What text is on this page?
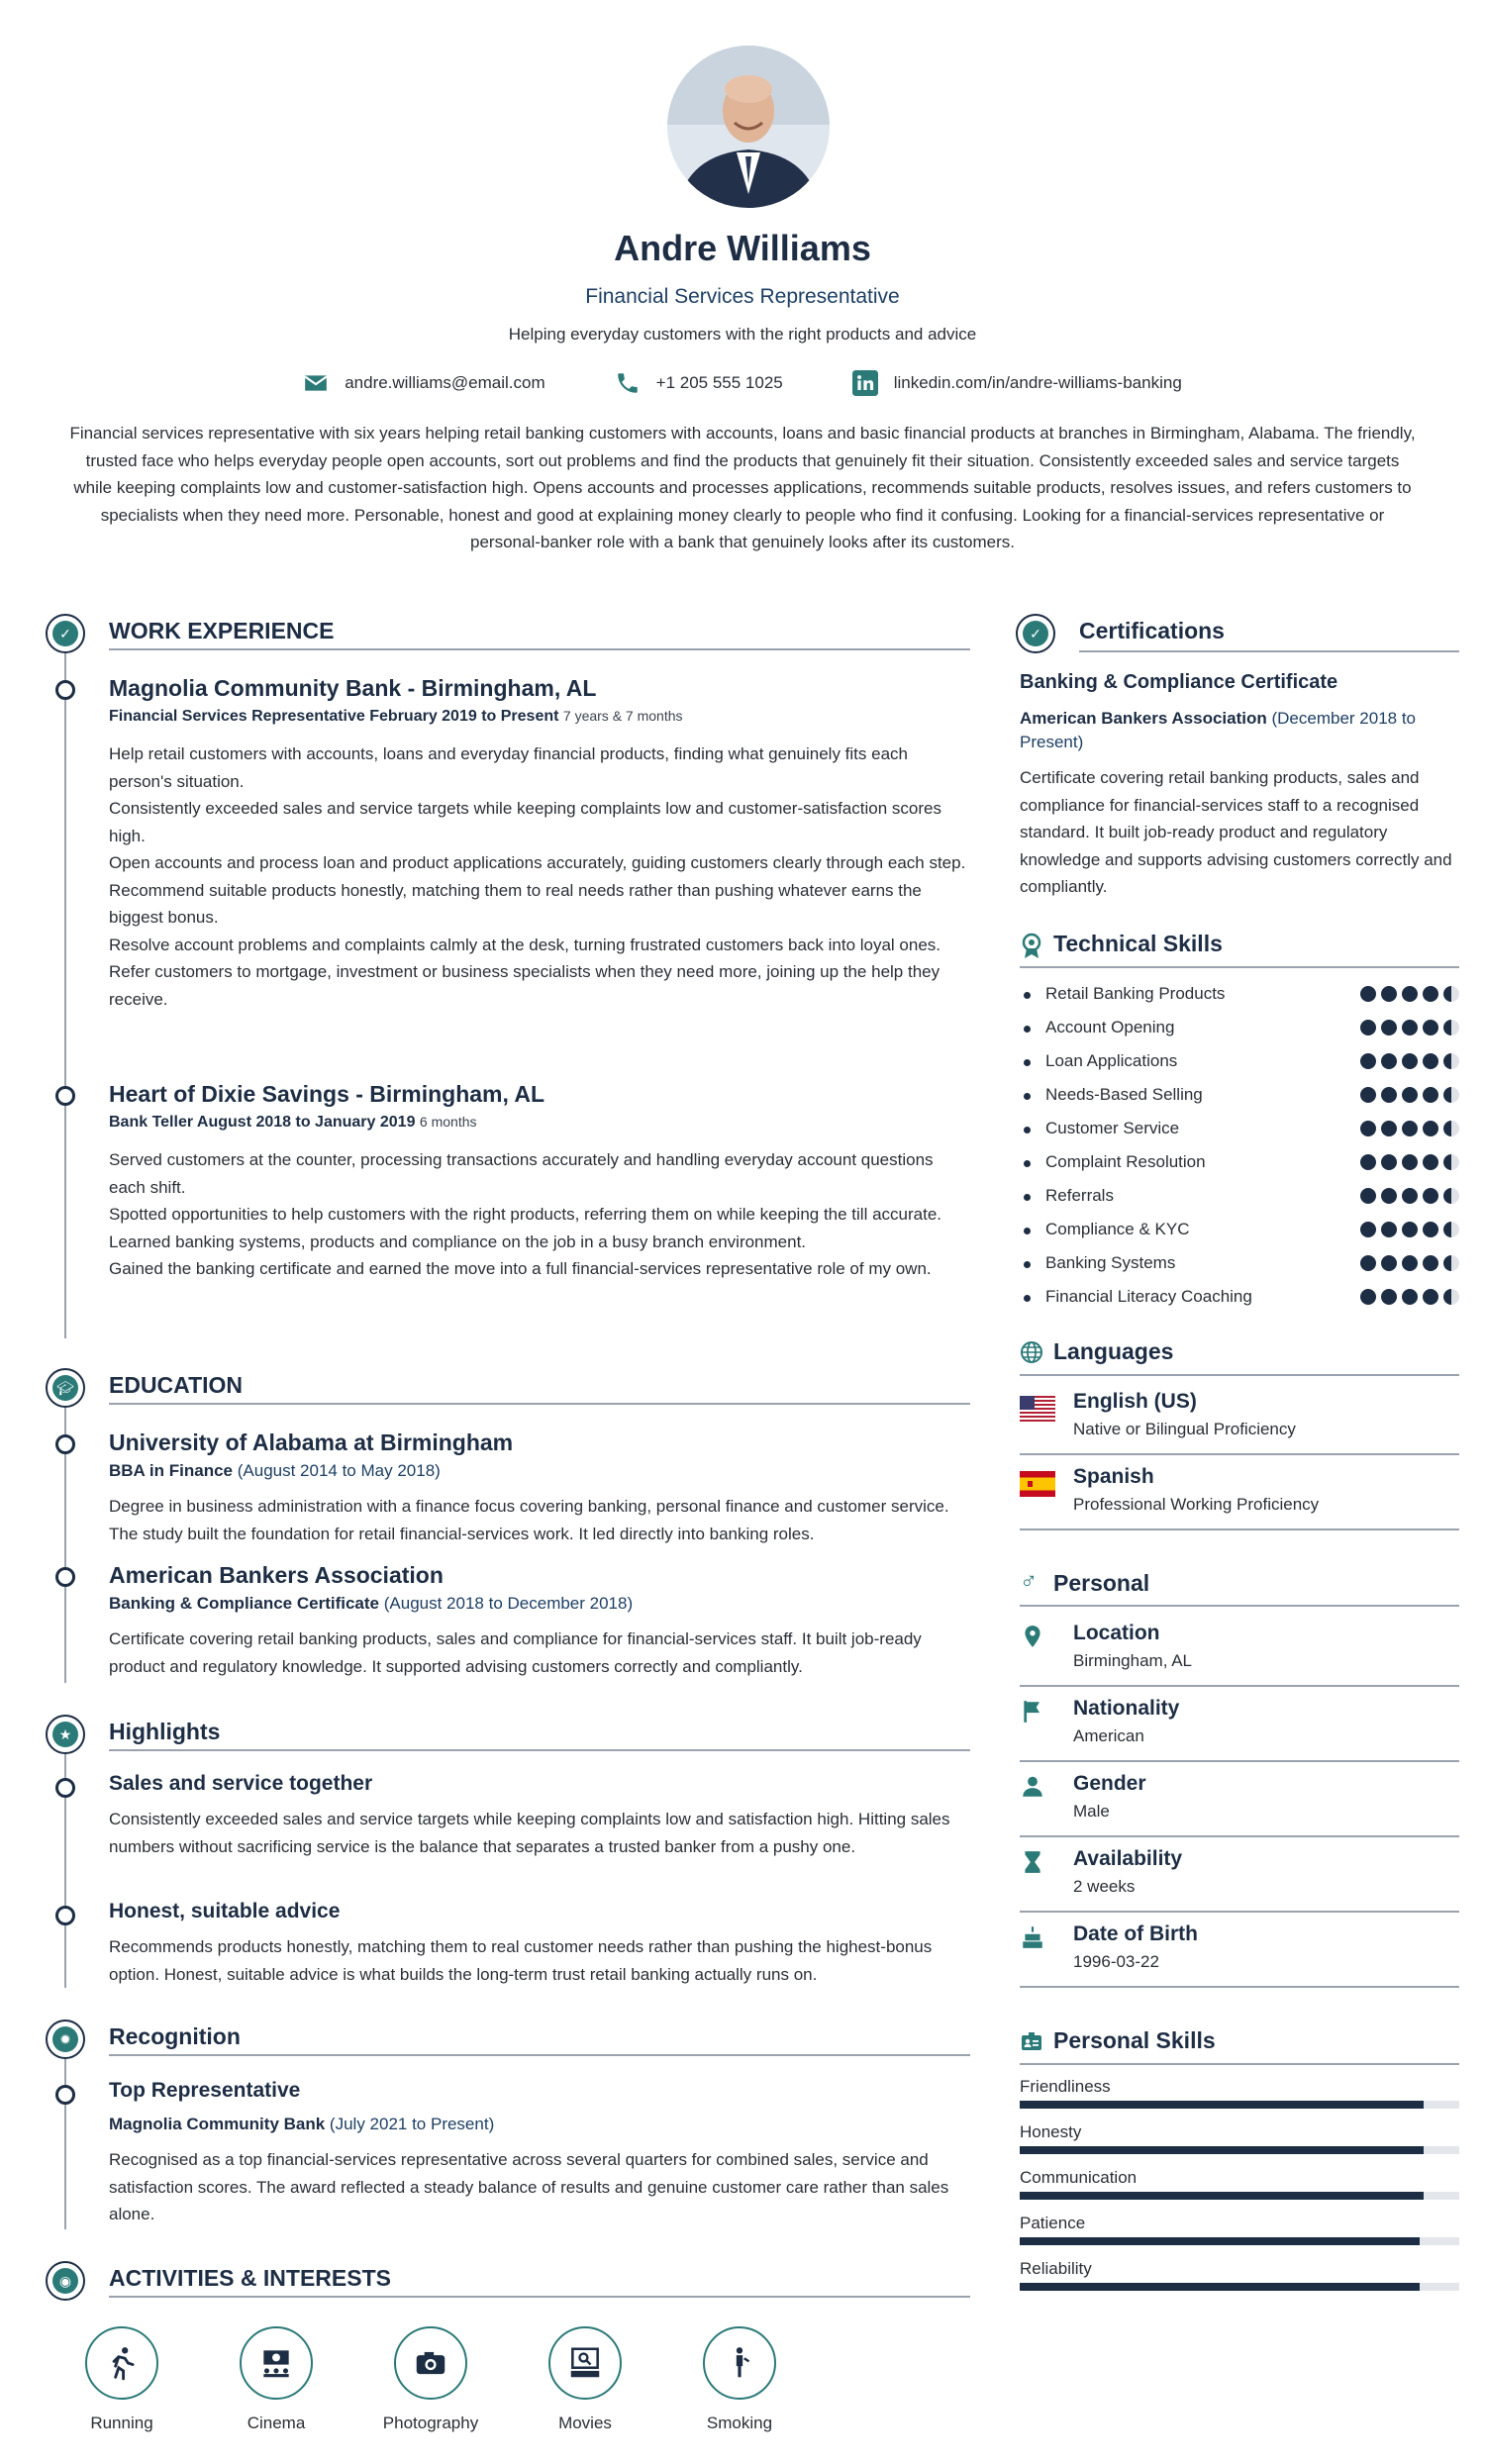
Andre Williams
Financial Services Representative
Helping everyday customers with the right products and advice
andre.williams@email.com	+1 205 555 1025	linkedin.com/in/andre-williams-banking
Financial services representative with six years helping retail banking customers with accounts, loans and basic financial products at branches in Birmingham, Alabama. The friendly, trusted face who helps everyday people open accounts, sort out problems and find the products that genuinely fit their situation. Consistently exceeded sales and service targets while keeping complaints low and customer-satisfaction high. Opens accounts and processes applications, recommends suitable products, resolves issues, and refers customers to specialists when they need more. Personable, honest and good at explaining money clearly to people who find it confusing. Looking for a financial-services representative or personal-banker role with a bank that genuinely looks after its customers.
✓	WORK EXPERIENCE
Magnolia Community Bank - Birmingham, AL
Financial Services Representative February 2019 to Present 7 years & 7 months

Help retail customers with accounts, loans and everyday financial products, finding what genuinely fits each person's situation.

Consistently exceeded sales and service targets while keeping complaints low and customer-satisfaction scores high.

Open accounts and process loan and product applications accurately, guiding customers clearly through each step.

Recommend suitable products honestly, matching them to real needs rather than pushing whatever earns the biggest bonus.

Resolve account problems and complaints calmly at the desk, turning frustrated customers back into loyal ones.

Refer customers to mortgage, investment or business specialists when they need more, joining up the help they receive.

Heart of Dixie Savings - Birmingham, AL
Bank Teller August 2018 to January 2019 6 months

Served customers at the counter, processing transactions accurately and handling everyday account questions each shift.

Spotted opportunities to help customers with the right products, referring them on while keeping the till accurate.

Learned banking systems, products and compliance on the job in a busy branch environment.

Gained the banking certificate and earned the move into a full financial-services representative role of my own.

🎓︎ EDUCATION
University of Alabama at Birmingham
BBA in Finance (August 2014 to May 2018)
Degree in business administration with a finance focus covering banking, personal finance and customer service. The study built the foundation for retail financial-services work. It led directly into banking roles.
American Bankers Association
Banking & Compliance Certificate (August 2018 to December 2018)
Certificate covering retail banking products, sales and compliance for financial-services staff. It built job-ready product and regulatory knowledge. It supported advising customers correctly and compliantly.
★ Highlights
Sales and service together
Consistently exceeded sales and service targets while keeping complaints low and satisfaction high. Hitting sales numbers without sacrificing service is the balance that separates a trusted banker from a pushy one.
Honest, suitable advice
Recommends products honestly, matching them to real customer needs rather than pushing the highest-bonus option. Honest, suitable advice is what builds the long-term trust retail banking actually runs on.
✹	Recognition
Top Representative
Magnolia Community Bank (July 2021 to Present)
Recognised as a top financial-services representative across several quarters for combined sales, service and satisfaction scores. The award reflected a steady balance of results and genuine customer care rather than sales alone.
◉ ACTIVITIES & INTERESTS
Running	Cinema	Photography	Movies	Smoking
✓	Certifications
Banking & Compliance Certificate
American Bankers Association (December 2018 to Present)
Certificate covering retail banking products, sales and compliance for financial-services staff to a recognised standard. It built job-ready product and regulatory knowledge and supports advising customers correctly and compliantly.
Technical Skills
Retail Banking Products
Account Opening
Loan Applications
Needs-Based Selling
Customer Service
Complaint Resolution
Referrals
Compliance & KYC
Banking Systems
Financial Literacy Coaching
Languages
English (US)
Native or Bilingual Proficiency
Spanish
Professional Working Proficiency
♂ Personal
Location
Birmingham, AL
Nationality
American
Gender
Male
Availability
2 weeks
Date of Birth
1996-03-22
Personal Skills
Friendliness
Honesty
Communication
Patience
Reliability
